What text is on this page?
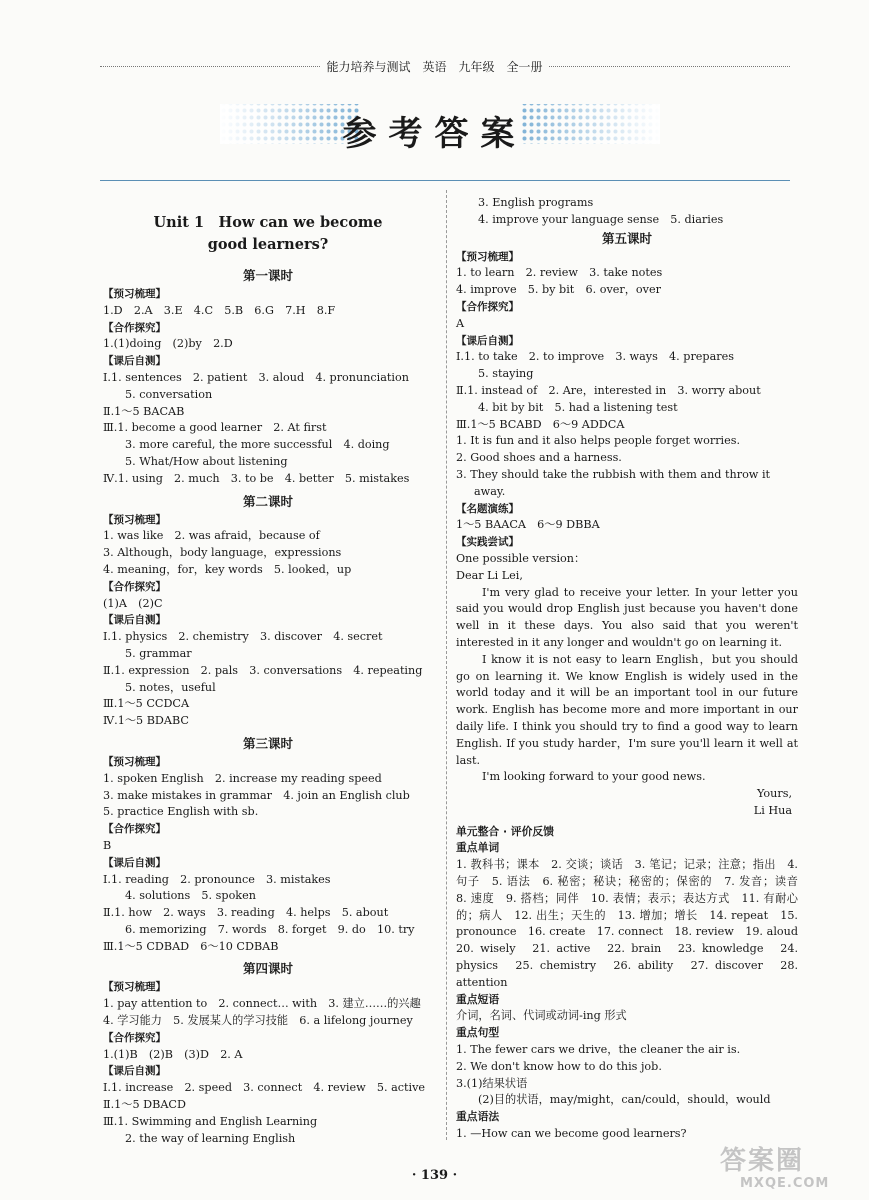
能力培养与测试　英语　九年级　全一册
参考答案
Unit 1　How can we become
good learners?
第一课时
【预习梳理】
1.D　2.A　3.E　4.C　5.B　6.G　7.H　8.F
【合作探究】
1.(1)doing　(2)by　2.D
【课后自测】
Ⅰ.1. sentences　2. patient　3. aloud　4. pronunciation
5. conversation
Ⅱ.1～5 BACAB
Ⅲ.1. become a good learner　2. At first
3. more careful, the more successful　4. doing
5. What/How about listening
Ⅳ.1. using　2. much　3. to be　4. better　5. mistakes
第二课时
【预习梳理】
1. was like　2. was afraid，because of
3. Although，body language，expressions
4. meaning，for，key words　5. looked，up
【合作探究】
(1)A　(2)C
【课后自测】
Ⅰ.1. physics　2. chemistry　3. discover　4. secret
5. grammar
Ⅱ.1. expression　2. pals　3. conversations　4. repeating
5. notes，useful
Ⅲ.1～5 CCDCA
Ⅳ.1～5 BDABC
第三课时
【预习梳理】
1. spoken English　2. increase my reading speed
3. make mistakes in grammar　4. join an English club
5. practice English with sb.
【合作探究】
B
【课后自测】
Ⅰ.1. reading　2. pronounce　3. mistakes
4. solutions　5. spoken
Ⅱ.1. how　2. ways　3. reading　4. helps　5. about
6. memorizing　7. words　8. forget　9. do　10. try
Ⅲ.1～5 CDBAD　6～10 CDBAB
第四课时
【预习梳理】
1. pay attention to　2. connect… with　3. 建立……的兴趣
4. 学习能力　5. 发展某人的学习技能　6. a lifelong journey
【合作探究】
1.(1)B　(2)B　(3)D　2. A
【课后自测】
Ⅰ.1. increase　2. speed　3. connect　4. review　5. active
Ⅱ.1～5 DBACD
Ⅲ.1. Swimming and English Learning
2. the way of learning English
3. English programs
4. improve your language sense　5. diaries
第五课时
【预习梳理】
1. to learn　2. review　3. take notes
4. improve　5. by bit　6. over，over
【合作探究】
A
【课后自测】
Ⅰ.1. to take　2. to improve　3. ways　4. prepares
5. staying
Ⅱ.1. instead of　2. Are，interested in　3. worry about
4. bit by bit　5. had a listening test
Ⅲ.1～5 BCABD　6～9 ADDCA
1. It is fun and it also helps people forget worries.
2. Good shoes and a harness.
3. They should take the rubbish with them and throw it away.
【名题演练】
1～5 BAACA　6～9 DBBA
【实践尝试】
One possible version：
Dear Li Lei,
I'm very glad to receive your letter. In your letter you said you would drop English just because you haven't done well in it these days. You also said that you weren't interested in it any longer and wouldn't go on learning it.
I know it is not easy to learn English，but you should go on learning it. We know English is widely used in the world today and it will be an important tool in our future work. English has become more and more important in our daily life. I think you should try to find a good way to learn English. If you study harder，I'm sure you'll learn it well at last.
I'm looking forward to your good news.
Yours,
Li Hua
单元整合 · 评价反馈
重点单词
1. 教科书；课本　2. 交谈；谈话　3. 笔记；记录；注意；指出　4. 句子　5. 语法　6. 秘密；秘诀；秘密的；保密的　7. 发音；读音　8. 速度　9. 搭档；同伴　10. 表情；表示；表达方式　11. 有耐心的；病人　12. 出生；天生的　13. 增加；增长　14. repeat　15. pronounce　16. create　17. connect　18. review　19. aloud　20. wisely　21. active　22. brain　23. knowledge　24. physics　25. chemistry　26. ability　27. discover　28. attention
重点短语
介词，名词、代词或动词-ing 形式
重点句型
1. The fewer cars we drive，the cleaner the air is.
2. We don't know how to do this job.
3.(1)结果状语
(2)目的状语，may/might，can/could，should，would
重点语法
1. —How can we become good learners?
· 139 ·	答案圈
MXQE.COM
